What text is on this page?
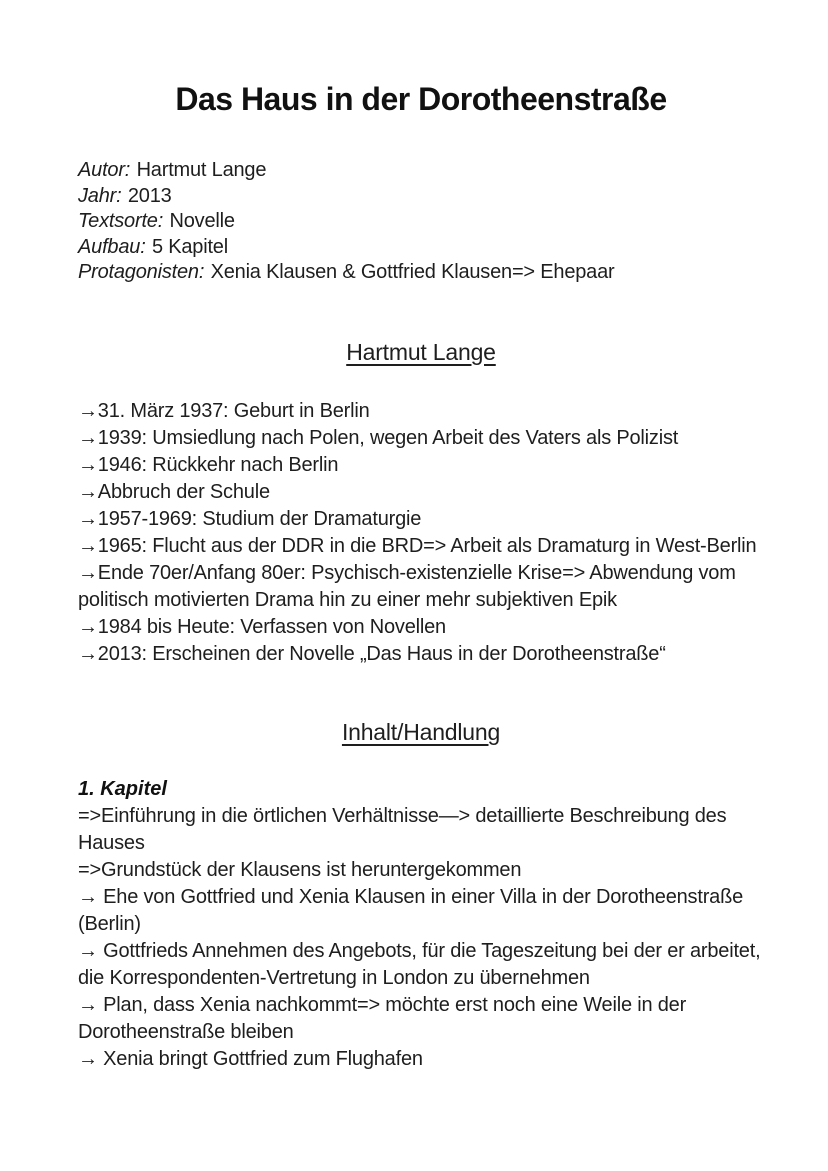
Das Haus in der Dorotheenstraße

Autor: Hartmut Lange

Jahr: 2013

Textsorte: Novelle

Aufbau: 5 Kapitel

Protagonisten: Xenia Klausen & Gottfried Klausen=> Ehepaar

Hartmut Lange

→31. März 1937: Geburt in Berlin

→1939: Umsiedlung nach Polen, wegen Arbeit des Vaters als Polizist

→1946: Rückkehr nach Berlin

→Abbruch der Schule

→1957-1969: Studium der Dramaturgie

→1965: Flucht aus der DDR in die BRD=> Arbeit als Dramaturg in West-Berlin

→Ende 70er/Anfang 80er: Psychisch-existenzielle Krise=> Abwendung vom politisch motivierten Drama hin zu einer mehr subjektiven Epik

→1984 bis Heute: Verfassen von Novellen

→2013: Erscheinen der Novelle „Das Haus in der Dorotheenstraße“

Inhalt/Handlung

1. Kapitel

=>Einführung in die örtlichen Verhältnisse—> detaillierte Beschreibung des Hauses

=>Grundstück der Klausens ist heruntergekommen

→ Ehe von Gottfried und Xenia Klausen in einer Villa in der Dorotheenstraße (Berlin)

→ Gottfrieds Annehmen des Angebots, für die Tageszeitung bei der er arbeitet, die Korrespondenten-Vertretung in London zu übernehmen

→ Plan, dass Xenia nachkommt=> möchte erst noch eine Weile in der Dorotheenstraße bleiben

→ Xenia bringt Gottfried zum Flughafen
